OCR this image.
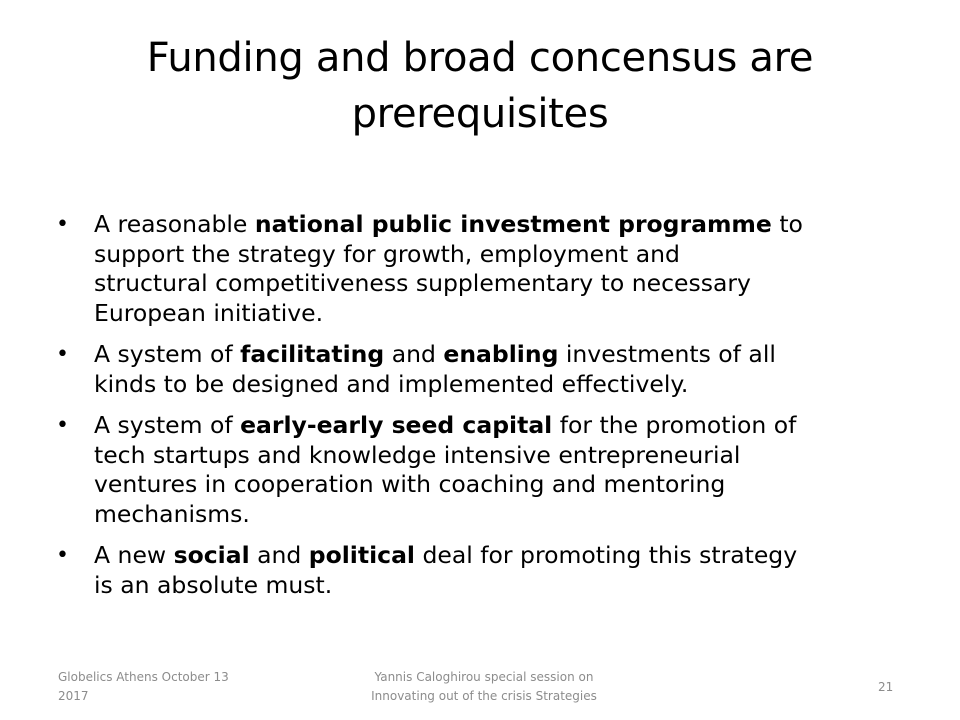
Funding and broad concensus are
prerequisites
• A reasonable national public investment programme to
support the strategy for growth, employment and
structural competitiveness supplementary to necessary
European initiative.
• A system of facilitating and enabling investments of all
kinds to be designed and implemented effectively.
• A system of early-early seed capital for the promotion of
tech startups and knowledge intensive entrepreneurial
ventures in cooperation with coaching and mentoring
mechanisms.
• A new social and political deal for promoting this strategy
is an absolute must.
Globelics Athens October 13
2017
Yannis Caloghirou special session on
Innovating out of the crisis Strategies
21
